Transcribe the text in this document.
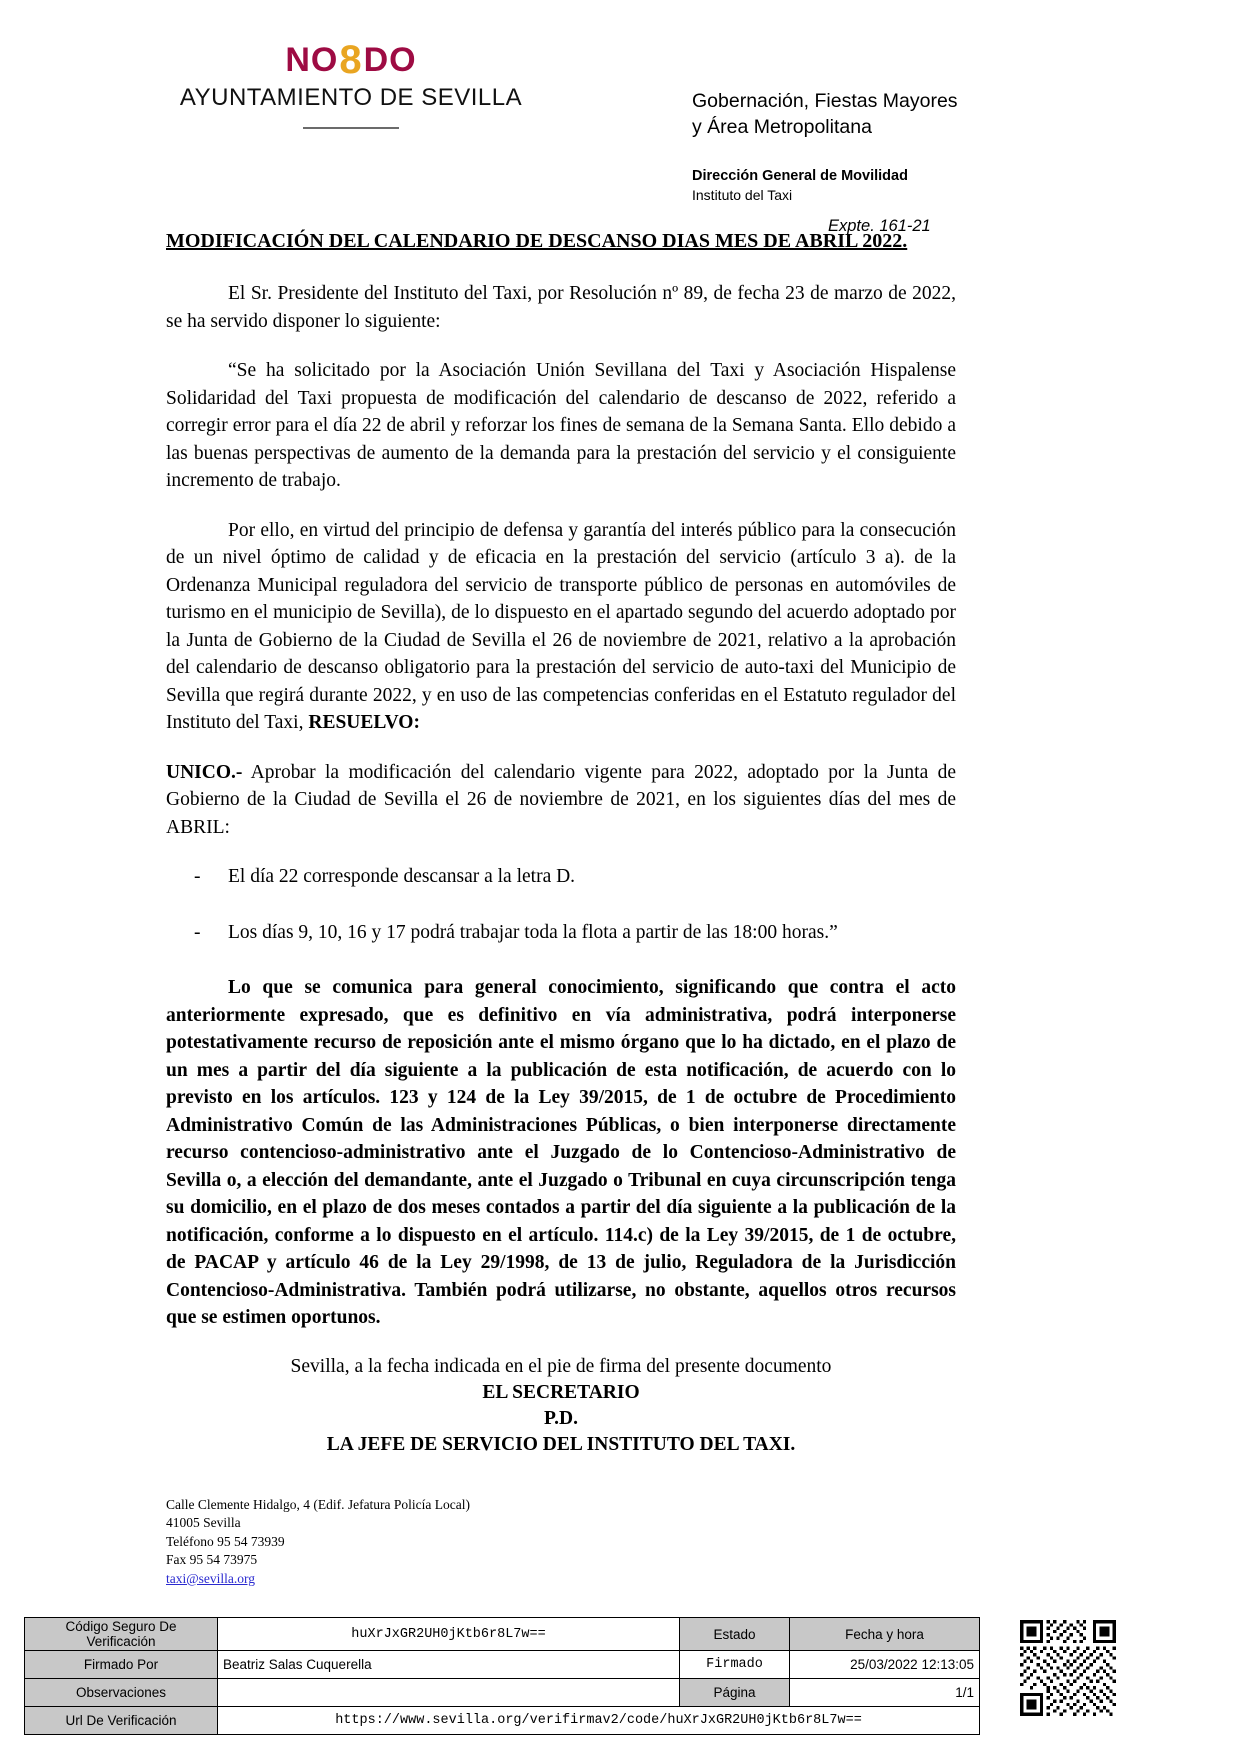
NO8DO
AYUNTAMIENTO DE SEVILLA	Gobernación, Fiestas Mayores
y Área Metropolitana
Dirección General de Movilidad
Instituto del Taxi
Expte. 161-21
MODIFICACIÓN DEL CALENDARIO DE DESCANSO DIAS MES DE ABRIL 2022.

El Sr. Presidente del Instituto del Taxi, por Resolución nº 89, de fecha 23 de marzo de 2022, se ha servido disponer lo siguiente:

“Se ha solicitado por la Asociación Unión Sevillana del Taxi y Asociación Hispalense Solidaridad del Taxi propuesta de modificación del calendario de descanso de 2022, referido a corregir error para el día 22 de abril y reforzar los fines de semana de la Semana Santa. Ello debido a las buenas perspectivas de aumento de la demanda para la prestación del servicio y el consiguiente incremento de trabajo.

Por ello, en virtud del principio de defensa y garantía del interés público para la consecución de un nivel óptimo de calidad y de eficacia en la prestación del servicio (artículo 3 a). de la Ordenanza Municipal reguladora del servicio de transporte público de personas en automóviles de turismo en el municipio de Sevilla), de lo dispuesto en el apartado segundo del acuerdo adoptado por la Junta de Gobierno de la Ciudad de Sevilla el 26 de noviembre de 2021, relativo a la aprobación del calendario de descanso obligatorio para la prestación del servicio de auto-taxi del Municipio de Sevilla que regirá durante 2022, y en uso de las competencias conferidas en el Estatuto regulador del Instituto del Taxi, RESUELVO:

UNICO.- Aprobar la modificación del calendario vigente para 2022, adoptado por la Junta de Gobierno de la Ciudad de Sevilla el 26 de noviembre de 2021, en los siguientes días del mes de ABRIL:

- El día 22 corresponde descansar a la letra D.
- Los días 9, 10, 16 y 17 podrá trabajar toda la flota a partir de las 18:00 horas.”

Lo que se comunica para general conocimiento, significando que contra el acto anteriormente expresado, que es definitivo en vía administrativa, podrá interponerse potestativamente recurso de reposición ante el mismo órgano que lo ha dictado, en el plazo de un mes a partir del día siguiente a la publicación de esta notificación, de acuerdo con lo previsto en los artículos. 123 y 124 de la Ley 39/2015, de 1 de octubre de Procedimiento Administrativo Común de las Administraciones Públicas, o bien interponerse directamente recurso contencioso-administrativo ante el Juzgado de lo Contencioso-Administrativo de Sevilla o, a elección del demandante, ante el Juzgado o Tribunal en cuya circunscripción tenga su domicilio, en el plazo de dos meses contados a partir del día siguiente a la publicación de la notificación, conforme a lo dispuesto en el artículo. 114.c) de la Ley 39/2015, de 1 de octubre, de PACAP y artículo 46 de la Ley 29/1998, de 13 de julio, Reguladora de la Jurisdicción Contencioso-Administrativa. También podrá utilizarse, no obstante, aquellos otros recursos que se estimen oportunos.

Sevilla, a la fecha indicada en el pie de firma del presente documento
EL SECRETARIO
P.D.
LA JEFE DE SERVICIO DEL INSTITUTO DEL TAXI.
Calle Clemente Hidalgo, 4 (Edif. Jefatura Policía Local)
41005 Sevilla
Teléfono 95 54 73939
Fax 95 54 73975
taxi@sevilla.org
Código Seguro De Verificación	huXrJxGR2UH0jKtb6r8L7w==	Estado	Fecha y hora
Firmado Por	Beatriz Salas Cuquerella	Firmado	25/03/2022 12:13:05
Observaciones		Página	1/1
Url De Verificación	https://www.sevilla.org/verifirmav2/code/huXrJxGR2UH0jKtb6r8L7w==		
